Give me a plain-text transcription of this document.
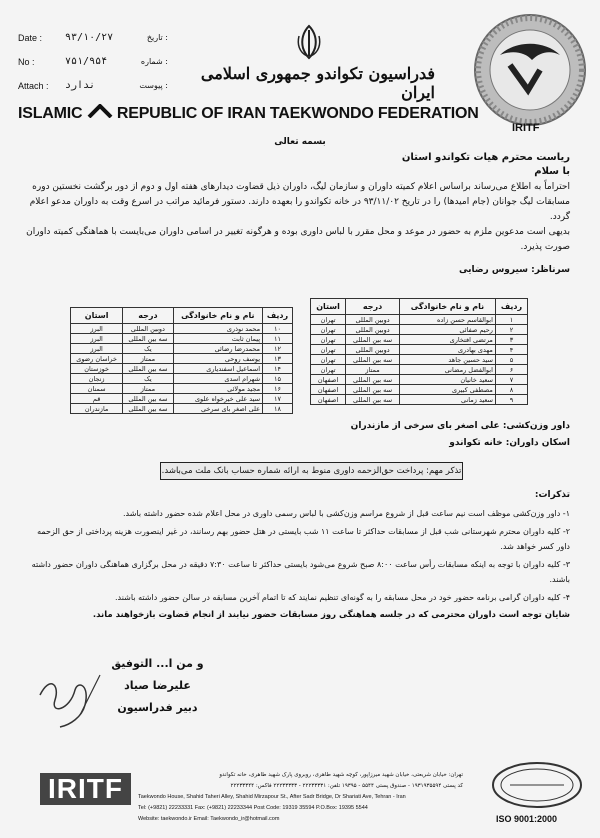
Date :	۹۳/۱۰/۲۷	تاریخ :
No :	۷۵۱/۹۵۴	شماره :
Attach :	ندارد	پیوست :
فدراسیون تکواندو جمهوری اسلامی ایران
ISLAMIC REPUBLIC OF IRAN TAEKWONDO FEDERATION
IRITF
بسمه تعالی
ریاست محترم هیات تکواندو استان
با سلام

احتراماً به اطلاع می‌رساند براساس اعلام کمیته داوران و سازمان لیگ، داوران ذیل قضاوت دیدارهای هفته اول و دوم از دور برگشت نخستین دوره مسابقات لیگ جوانان (جام امیدها) را در تاریخ ۹۳/۱۱/۰۲ در خانه تکواندو را بعهده دارند. دستور فرمائید مراتب در اسرع وقت به داوران مدعو اعلام گردد.

بدیهی است مدعوین ملزم به حضور در موعد و محل مقرر با لباس داوری بوده و هرگونه تغییر در اسامی داوران می‌بایست با هماهنگی کمیته داوران صورت پذیرد.

سرناظر: سیروس رضایی
ردیف	نام و نام خانوادگی	درجه	استان
۱	ابوالقاسم حسن زاده	دوبین المللی	تهران
۲	رحیم صفائی	دوبین المللی	تهران
۳	مرتضی افتخاری	سه بین المللی	تهران
۴	مهدی بهادری	دوبین المللی	تهران
۵	سید حسین جاهد	سه بین المللی	تهران
۶	ابوالفضل رمضانی	ممتاز	تهران
۷	سعید خانیان	سه بین المللی	اصفهان
۸	مصطفی کبیری	سه بین المللی	اصفهان
۹	سعید زمانی	سه بین المللی	اصفهان
ردیف	نام و نام خانوادگی	درجه	استان
۱۰	محمد نوذری	دوبین المللی	البرز
۱۱	پیمان ثابت	سه بین المللی	البرز
۱۲	محمدرضا رضائی	یک	البرز
۱۳	یوسف روحی	ممتاز	خراسان رضوی
۱۴	اسماعیل اسفندیاری	سه بین المللی	خوزستان
۱۵	شهرام اسدی	یک	زنجان
۱۶	مجید مولائی	ممتاز	سمنان
۱۷	سید علی خیرخواه علوی	سه بین المللی	قم
۱۸	علی اصغر بای سرخی	سه بین المللی	مازندران
داور وزن‌کشی: علی اصغر بای سرخی از مازندران
اسکان داوران: خانه تکواندو
تذکر مهم: پرداخت حق‌الزحمه داوری منوط به ارائه شماره حساب بانک ملت می‌باشد.
تذکرات:
۱- داور وزن‌کشی موظف است نیم ساعت قبل از شروع مراسم وزن‌کشی با لباس رسمی داوری در محل اعلام شده حضور داشته باشد.
۲- کلیه داوران محترم شهرستانی شب قبل از مسابقات حداکثر تا ساعت ۱۱ شب بایستی در هتل حضور بهم رسانند، در غیر اینصورت هزینه پرداختی از حق الزحمه داور کسر خواهد شد.
۳- کلیه داوران با توجه به اینکه مسابقات رأس ساعت ۸:۰۰ صبح شروع می‌شود بایستی حداکثر تا ساعت ۷:۳۰ دقیقه در محل برگزاری هماهنگی داوران حضور داشته باشند.
۴- کلیه داوران گرامی برنامه حضور خود در محل مسابقه را به گونه‌ای تنظیم نمایند که تا اتمام آخرین مسابقه در سالن حضور داشته باشند.
شایان توجه است داوران محترمی که در جلسه هماهنگی روز مسابقات حضور نیابند از انجام قضاوت بازخواهند ماند.
و من ا... التوفیق
علیرضا صیاد
دبیر فدراسیون
IRITF	تهران: خیابان شریعتی، خیابان شهید میرزاپور، کوچه شهید طاهری، روبروی پارک شهید طاهری، خانه تکواندو
کد پستی ۱۹۳۱۹۳۵۵۹۴ - صندوق پستی ۵۵۴۴ - ۱۹۳۹۵ تلفن: ۲۲۲۳۳۳۳۱ - ۲۲۲۳۳۳۳۳ فاکس: ۲۲۲۳۳۳۴۴
Taekwondo House, Shahid Taheri Alley, Shahid Mirzapour St., After Sadr Bridge, Dr Shariati Ave, Tehran - Iran
Tel: (+9821) 22233331 Fax: (+9821) 22233344 Post Code: 19319 35594 P.O.Box: 19395 5544
Website: taekwondo.ir Email: Taekwondo_ir@hotmail.com	ISO 9001:2000
